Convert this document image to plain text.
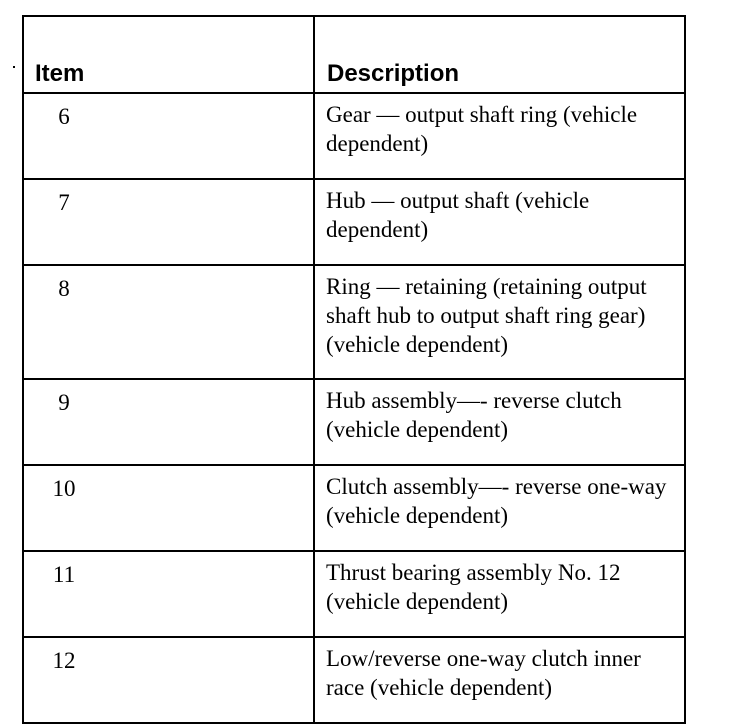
Item	Description

6	Gear — output shaft ring (vehicle dependent)

7	Hub — output shaft (vehicle dependent)

8	Ring — retaining (retaining output shaft hub to output shaft ring gear) (vehicle dependent)

9	Hub assembly—- reverse clutch (vehicle dependent)

10	Clutch assembly—- reverse one-way (vehicle dependent)

11	Thrust bearing assembly No. 12 (vehicle dependent)

12	Low/reverse one-way clutch inner race (vehicle dependent)
